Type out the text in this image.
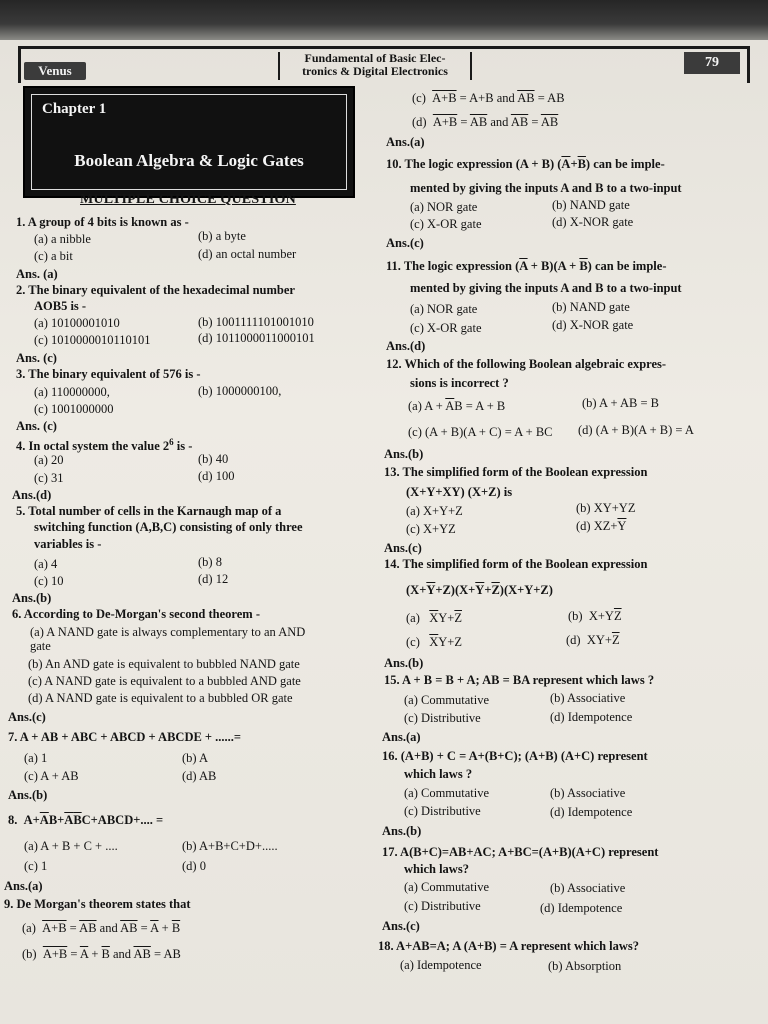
Venus
Fundamental of Basic Elec-
tronics & Digital Electronics
79
Chapter 1
Boolean Algebra & Logic Gates
MULTIPLE CHOICE QUESTION
1. A group of 4 bits is known as -
(a) a nibble	(b) a byte
(c) a bit	(d) an octal number
Ans. (a)
2. The binary equivalent of the hexadecimal number
AOB5 is -
(a) 10100001010	(b) 1001111101001010
(c) 1010000010110101	(d) 1011000011000101
Ans. (c)
3. The binary equivalent of 576 is -
(a) 110000000,	(b) 1000000100,
(c) 1001000000
Ans. (c)
4. In octal system the value $2^6$ is -
(a) 20	(b) 40
(c) 31	(d) 100
Ans.(d)
5. Total number of cells in the Karnaugh map of a
switching function (A,B,C) consisting of only three
variables is -
(a) 4	(b) 8
(c) 10	(d) 12
Ans.(b)
6. According to De-Morgan's second theorem -
(a) A NAND gate is always complementary to an AND
gate
(b) An AND gate is equivalent to bubbled NAND gate
(c) A NAND gate is equivalent to a bubbled AND gate
(d) A NAND gate is equivalent to a bubbled OR gate
Ans.(c)
7. A + AB + ABC + ABCD + ABCDE + ......=
(a) 1	(b) A
(c) A + AB	(d) AB
Ans.(b)
8. $A+\overline{A}B+\overline{A}\overline{B}C+ABCD+$.... =
(a) A + B + C + ....	(b) A+B+C+D+.....
(c) 1	(d) 0
Ans.(a)
9. De Morgan's theorem states that
(a) $A+B = \overline{AB}$ and $\overline{AB} = \overline{A} + \overline{B}$
(b) $A+B = \overline{A} + \overline{B}$ and $\overline{AB}$ = AB
(c) A+B = A+B and $\overline{AB}$ = AB
(d) $A+B = \overline{AB}$ and $\overline{AB} = \overline{AB}$
Ans.(a)
10. The logic expression (A + B) $(\overline{A}+\overline{B})$ can be imple-
mented by giving the inputs A and B to a two-input
(a) NOR gate	(b) NAND gate
(c) X-OR gate	(d) X-NOR gate
Ans.(c)
11. The logic expression $(\overline{A} + B)(A + \overline{B})$ can be imple-
mented by giving the inputs A and B to a two-input
(a) NOR gate	(b) NAND gate
(c) X-OR gate	(d) X-NOR gate
Ans.(d)
12. Which of the following Boolean algebraic expres-
sions is incorrect ?
(a) $A + \overline{A}B = A + B$	(b) A + AB = B
(c) (A + B)(A + C) = A + BC (d) (A + B)(A + B) = A
Ans.(b)
13. The simplified form of the Boolean expression
(X+Y+XY) (X+Z) is
(a) X+Y+Z	(b) XY+YZ
(c) X+YZ	(d) $XZ+\overline{Y}$
Ans.(c)
14. The simplified form of the Boolean expression
$(X+\overline{Y}+Z)(X+\overline{Y}+\overline{Z})(X+Y+Z)$
(a) $\overline{X}Y+\overline{Z}$	(b) $X+Y\overline{Z}$
(c) $\overline{X}Y+Z$	(d) $XY+\overline{Z}$
Ans.(b)
15. A + B = B + A; AB = BA represent which laws ?
(a) Commutative	(b) Associative
(c) Distributive	(d) Idempotence
Ans.(a)
16. (A+B) + C = A+(B+C); (A+B) (A+C) represent
which laws ?
(a) Commutative	(b) Associative
(c) Distributive	(d) Idempotence
Ans.(b)
17. A(B+C)=AB+AC; A+BC=(A+B)(A+C) represent
which laws?
(a) Commutative	(b) Associative
(c) Distributive	(d) Idempotence
Ans.(c)
18. A+AB=A; A (A+B) = A represent which laws?
(a) Idempotence	(b) Absorption
